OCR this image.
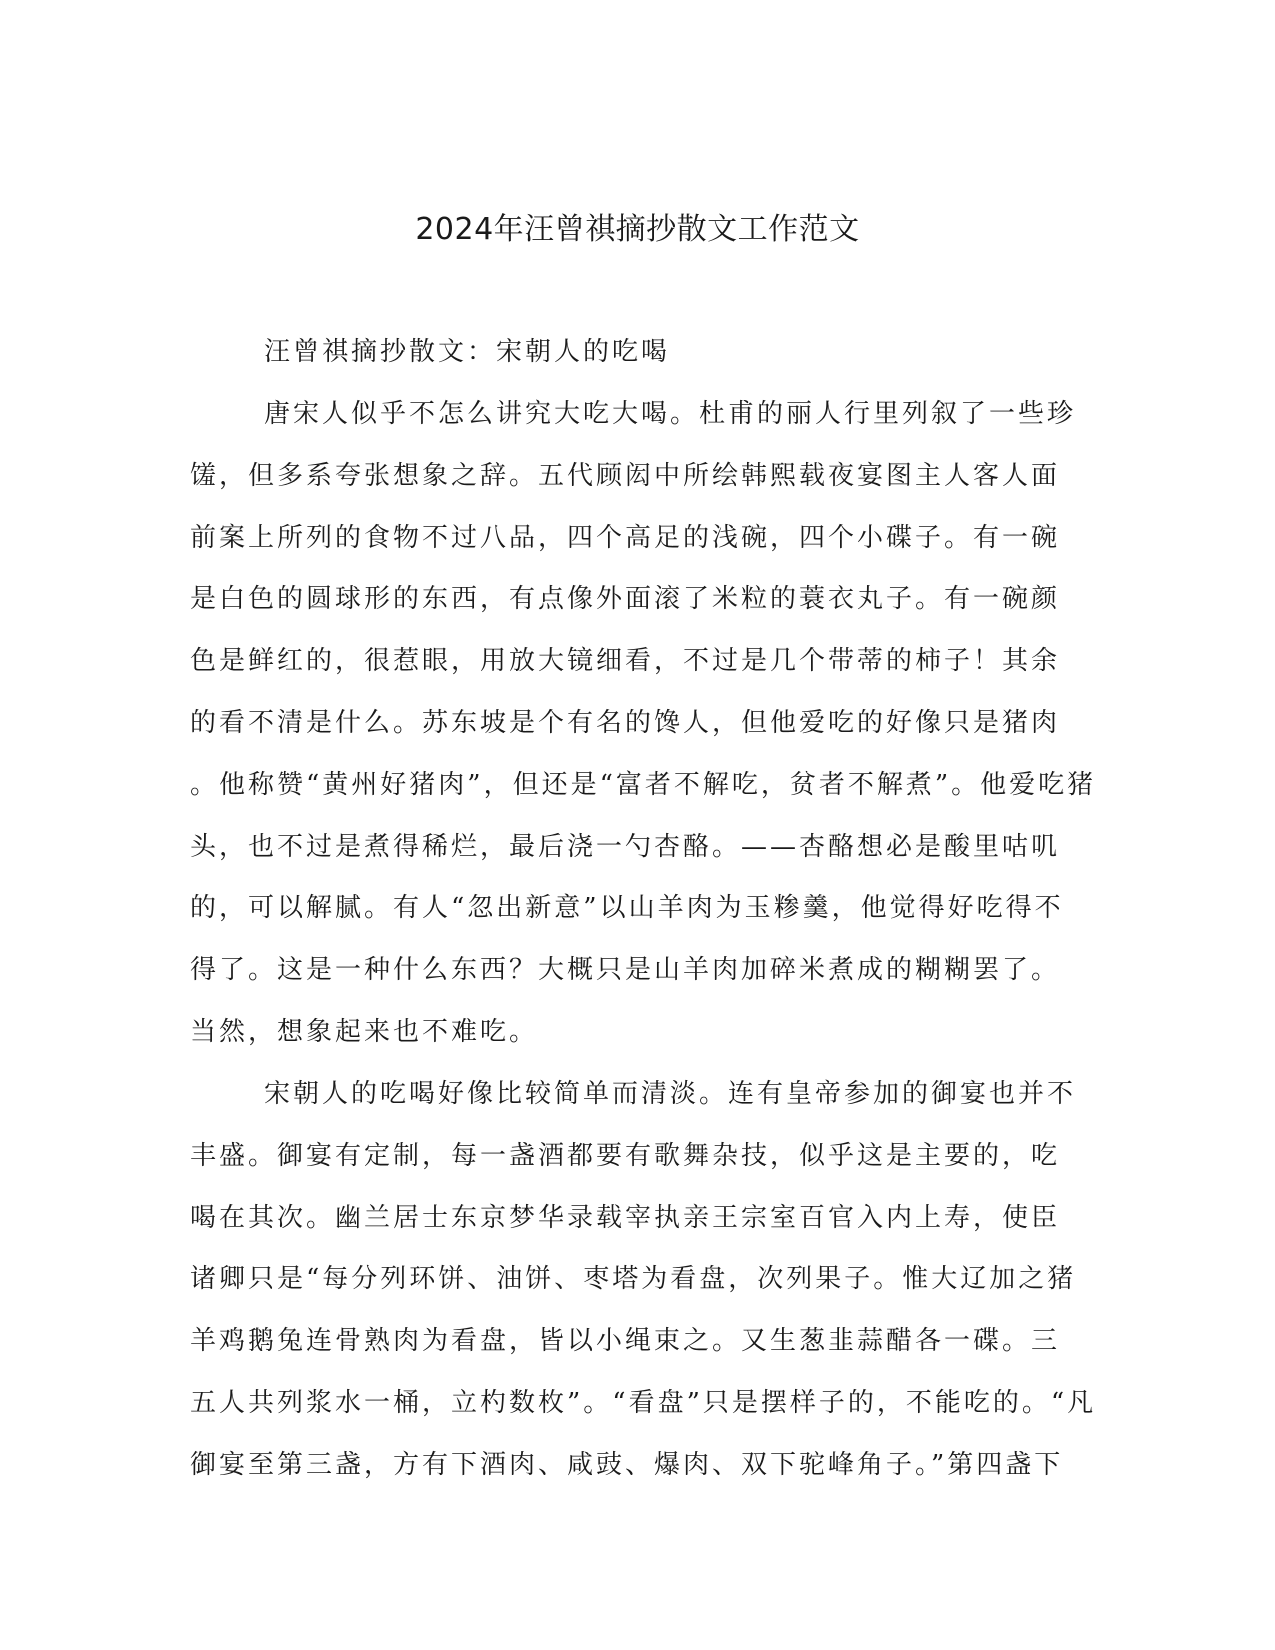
2024年汪曾祺摘抄散文工作范文
汪曾祺摘抄散文：宋朝人的吃喝
唐宋人似乎不怎么讲究大吃大喝。杜甫的丽人行里列叙了一些珍
馐，但多系夸张想象之辞。五代顾闳中所绘韩熙载夜宴图主人客人面
前案上所列的食物不过八品，四个高足的浅碗，四个小碟子。有一碗
是白色的圆球形的东西，有点像外面滚了米粒的蓑衣丸子。有一碗颜
色是鲜红的，很惹眼，用放大镜细看，不过是几个带蒂的柿子！其余
的看不清是什么。苏东坡是个有名的馋人，但他爱吃的好像只是猪肉
。他称赞“黄州好猪肉”，但还是“富者不解吃，贫者不解煮”。他爱吃猪
头，也不过是煮得稀烂，最后浇一勺杏酪。——杏酪想必是酸里咕叽
的，可以解腻。有人“忽出新意”以山羊肉为玉糁羹，他觉得好吃得不
得了。这是一种什么东西？大概只是山羊肉加碎米煮成的糊糊罢了。
当然，想象起来也不难吃。
宋朝人的吃喝好像比较简单而清淡。连有皇帝参加的御宴也并不
丰盛。御宴有定制，每一盏酒都要有歌舞杂技，似乎这是主要的，吃
喝在其次。幽兰居士东京梦华录载宰执亲王宗室百官入内上寿，使臣
诸卿只是“每分列环饼、油饼、枣塔为看盘，次列果子。惟大辽加之猪
羊鸡鹅兔连骨熟肉为看盘，皆以小绳束之。又生葱韭蒜醋各一碟。三
五人共列浆水一桶，立杓数枚”。“看盘”只是摆样子的，不能吃的。“凡
御宴至第三盏，方有下酒肉、咸豉、爆肉、双下驼峰角子。”第四盏下
